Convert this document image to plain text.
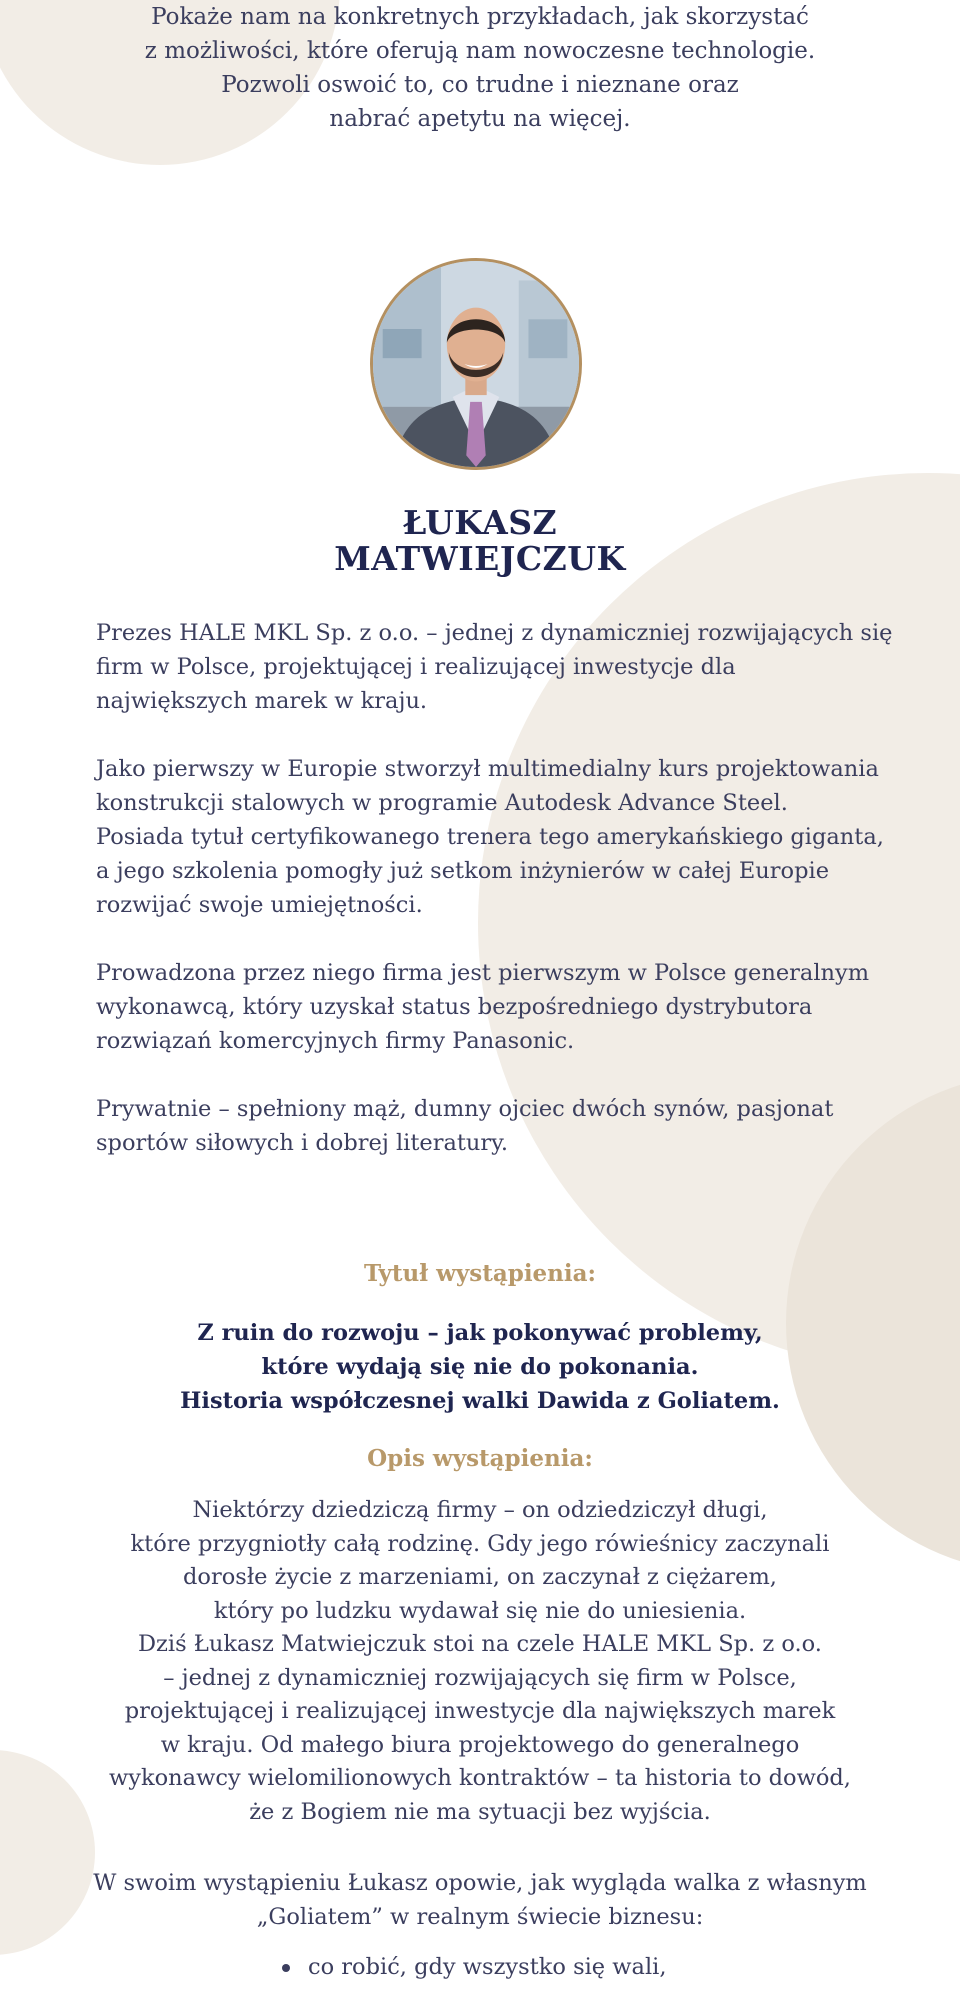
Pokaże nam na konkretnych przykładach, jak skorzystać
z możliwości, które oferują nam nowoczesne technologie.
Pozwoli oswoić to, co trudne i nieznane oraz
nabrać apetytu na więcej.
ŁUKASZ
MATWIEJCZUK

Prezes HALE MKL Sp. z o.o. – jednej z dynamiczniej rozwijających się
firm w Polsce, projektującej i realizującej inwestycje dla
największych marek w kraju.

Jako pierwszy w Europie stworzył multimedialny kurs projektowania
konstrukcji stalowych w programie Autodesk Advance Steel.
Posiada tytuł certyfikowanego trenera tego amerykańskiego giganta,
a jego szkolenia pomogły już setkom inżynierów w całej Europie
rozwijać swoje umiejętności.

Prowadzona przez niego firma jest pierwszym w Polsce generalnym
wykonawcą, który uzyskał status bezpośredniego dystrybutora
rozwiązań komercyjnych firmy Panasonic.

Prywatnie – spełniony mąż, dumny ojciec dwóch synów, pasjonat
sportów siłowych i dobrej literatury.

Tytuł wystąpienia:
Z ruin do rozwoju – jak pokonywać problemy,
które wydają się nie do pokonania.
Historia współczesnej walki Dawida z Goliatem.
Opis wystąpienia:
Niektórzy dziedziczą firmy – on odziedziczył długi,
które przygniotły całą rodzinę. Gdy jego rówieśnicy zaczynali
dorosłe życie z marzeniami, on zaczynał z ciężarem,
który po ludzku wydawał się nie do uniesienia.
Dziś Łukasz Matwiejczuk stoi na czele HALE MKL Sp. z o.o.
– jednej z dynamiczniej rozwijających się firm w Polsce,
projektującej i realizującej inwestycje dla największych marek
w kraju. Od małego biura projektowego do generalnego
wykonawcy wielomilionowych kontraktów – ta historia to dowód,
że z Bogiem nie ma sytuacji bez wyjścia.
W swoim wystąpieniu Łukasz opowie, jak wygląda walka z własnym
„Goliatem” w realnym świecie biznesu:
co robić, gdy wszystko się wali,
